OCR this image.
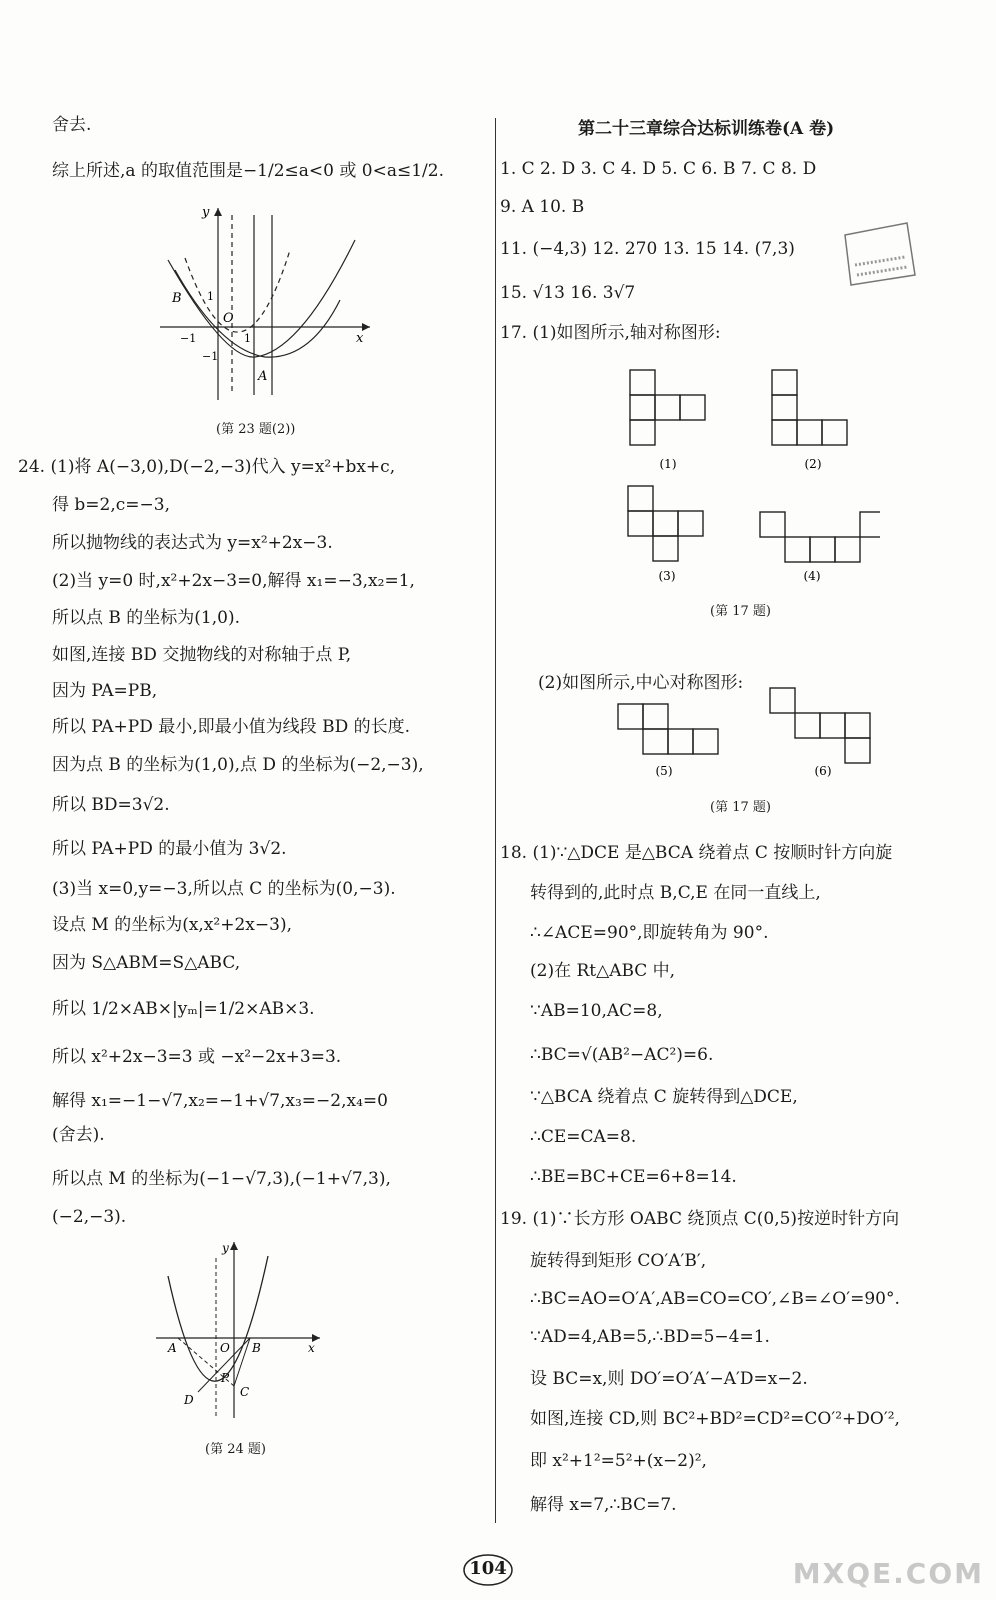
舍去.
综上所述,a 的取值范围是−1/2≤a<0 或 0<a≤1/2.
y
x
B
O
A
1
−1	1
−1
(第 23 题(2))
24. (1)将 A(−3,0),D(−2,−3)代入 y=x²+bx+c,
得 b=2,c=−3,
所以抛物线的表达式为 y=x²+2x−3.
(2)当 y=0 时,x²+2x−3=0,解得 x₁=−3,x₂=1,
所以点 B 的坐标为(1,0).
如图,连接 BD 交抛物线的对称轴于点 P,
因为 PA=PB,
所以 PA+PD 最小,即最小值为线段 BD 的长度.
因为点 B 的坐标为(1,0),点 D 的坐标为(−2,−3),
所以 BD=3√2.
所以 PA+PD 的最小值为 3√2.
(3)当 x=0,y=−3,所以点 C 的坐标为(0,−3).
设点 M 的坐标为(x,x²+2x−3),
因为 S△ABM=S△ABC,
所以 1/2×AB×|yₘ|=1/2×AB×3.
所以 x²+2x−3=3 或 −x²−2x+3=3.
解得 x₁=−1−√7,x₂=−1+√7,x₃=−2,x₄=0
(舍去).
所以点 M 的坐标为(−1−√7,3),(−1+√7,3),
(−2,−3).
y
x
A	O B
P
C
D
(第 24 题)
第二十三章综合达标训练卷(A 卷)
1. C 2. D 3. C 4. D 5. C 6. B 7. C 8. D
9. A 10. B
11. (−4,3) 12. 270 13. 15 14. (7,3)
15. √13 16. 3√7
17. (1)如图所示,轴对称图形:
(1)	(2)
(3)	(4)
(第 17 题)
(2)如图所示,中心对称图形:
(5)	(6)
(第 17 题)
18. (1)∵△DCE 是△BCA 绕着点 C 按顺时针方向旋
转得到的,此时点 B,C,E 在同一直线上,
∴∠ACE=90°,即旋转角为 90°.
(2)在 Rt△ABC 中,
∵AB=10,AC=8,
∴BC=√(AB²−AC²)=6.
∵△BCA 绕着点 C 旋转得到△DCE,
∴CE=CA=8.
∴BE=BC+CE=6+8=14.
19. (1)∵长方形 OABC 绕顶点 C(0,5)按逆时针方向
旋转得到矩形 CO′A′B′,
∴BC=AO=O′A′,AB=CO=CO′,∠B=∠O′=90°.
∵AD=4,AB=5,∴BD=5−4=1.
设 BC=x,则 DO′=O′A′−A′D=x−2.
如图,连接 CD,则 BC²+BD²=CD²=CO′²+DO′²,
即 x²+1²=5²+(x−2)²,
解得 x=7,∴BC=7.
104	MXQE.COM
